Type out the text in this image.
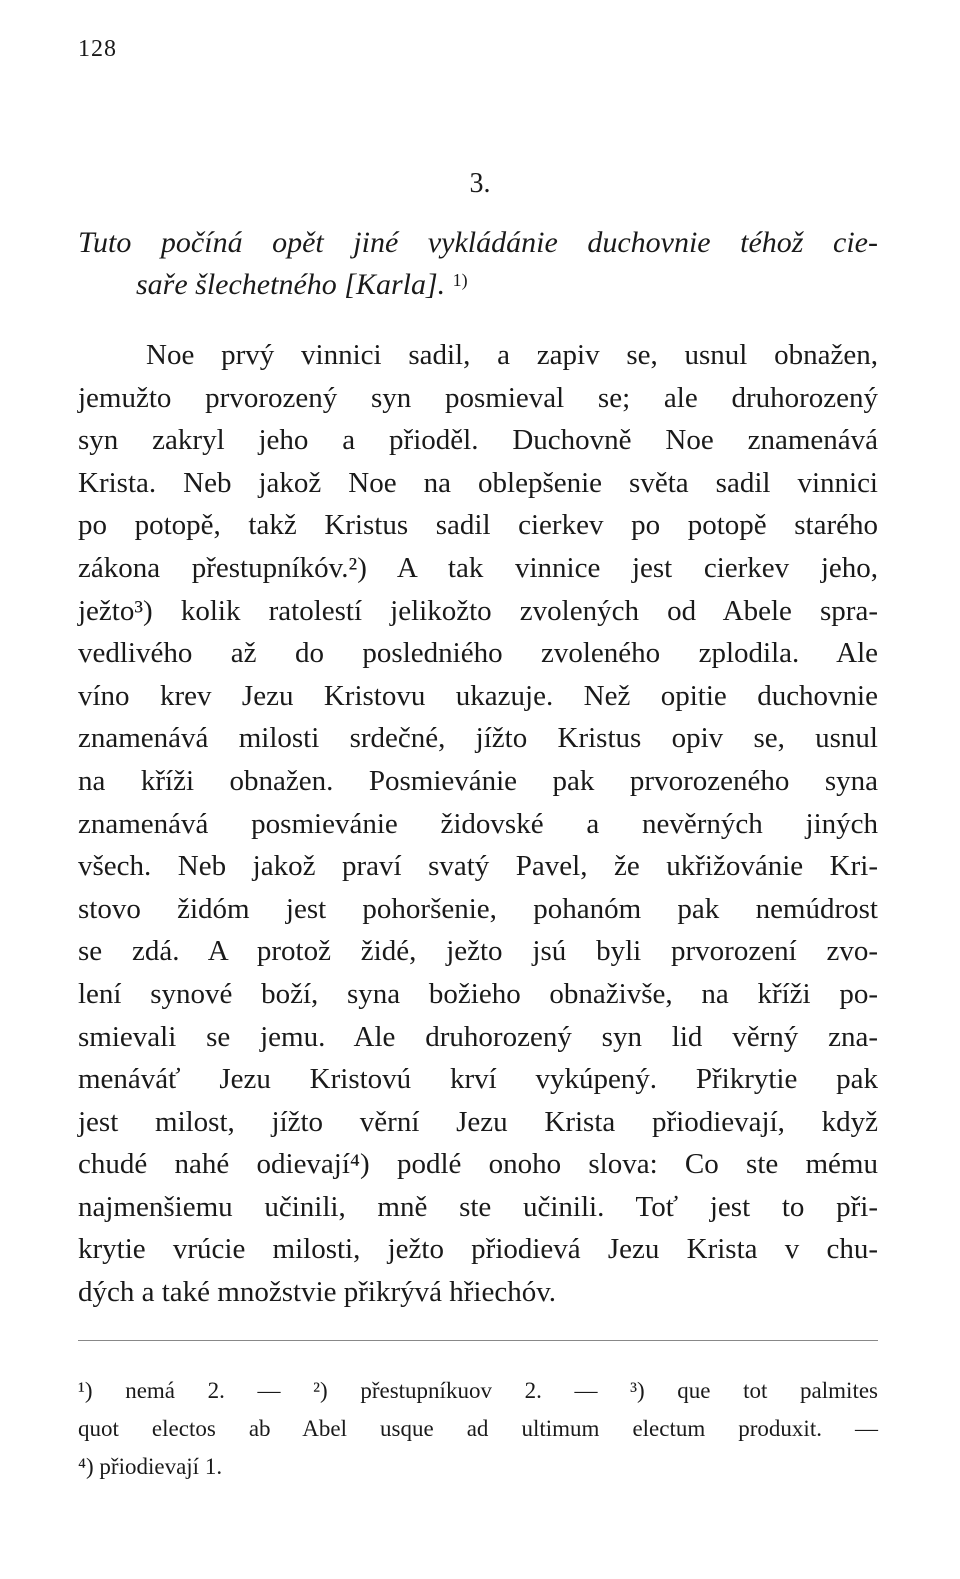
128
3.
Tuto počíná opět jiné vykládánie duchovnie téhož cie-
saře šlechetného [Karla]. $^{1)}$
Noe prvý vinnici sadil, a zapiv se, usnul obnažen,
jemužto prvorozený syn posmieval se; ale druhorozený
syn zakryl jeho a přioděl. Duchovně Noe znamenává
Krista. Neb jakož Noe na oblepšenie světa sadil vinnici
po potopě, takž Kristus sadil cierkev po potopě starého
zákona přestupníkóv.²) A tak vinnice jest cierkev jeho,
ježto³) kolik ratolestí jelikožto zvolených od Abele spra-
vedlivého až do posledniého zvoleného zplodila. Ale
víno krev Jezu Kristovu ukazuje. Než opitie duchovnie
znamenává milosti srdečné, jížto Kristus opiv se, usnul
na kříži obnažen. Posmievánie pak prvorozeného syna
znamenává posmievánie židovské a nevěrných jiných
všech. Neb jakož praví svatý Pavel, že ukřižovánie Kri-
stovo židóm jest pohoršenie, pohanóm pak nemúdrost
se zdá. A protož židé, ježto jsú byli prvorození zvo-
lení synové boží, syna božieho obnaživše, na kříži po-
smievali se jemu. Ale druhorozený syn lid věrný zna-
menáváť Jezu Kristovú krví vykúpený. Přikrytie pak
jest milost, jížto věrní Jezu Krista přiodievají, když
chudé nahé odievají⁴) podlé onoho slova: Co ste mému
najmenšiemu učinili, mně ste učinili. Toť jest to při-
krytie vrúcie milosti, ježto přiodievá Jezu Krista v chu-
dých a také množstvie přikrývá hřiechóv.
¹) nemá 2. — ²) přestupníkuov 2. — ³) que tot palmites
quot electos ab Abel usque ad ultimum electum produxit. —
⁴) přiodievají 1.
